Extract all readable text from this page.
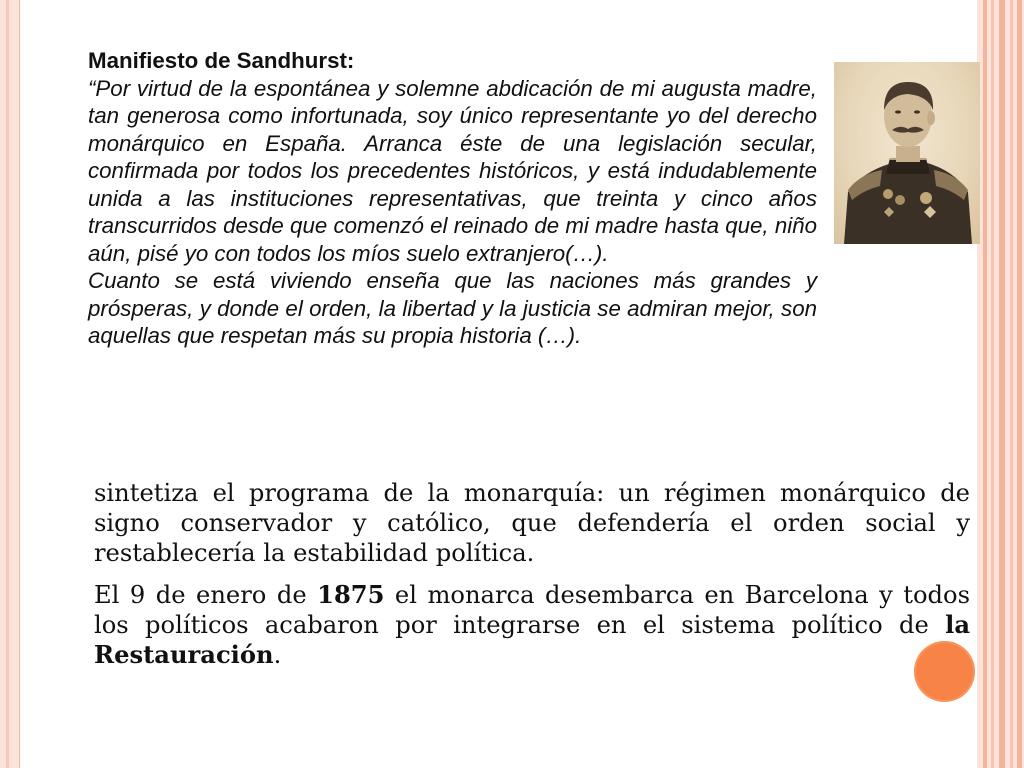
Manifiesto de Sandhurst:

“Por virtud de la espontánea y solemne abdicación de mi augusta madre, tan generosa como infortunada, soy único representante yo del derecho monárquico en España. Arranca éste de una legislación secular, confirmada por todos los precedentes históricos, y está indudablemente unida a las instituciones representativas, que treinta y cinco años transcurridos desde que comenzó el reinado de mi madre hasta que, niño aún, pisé yo con todos los míos suelo extranjero(…).

Cuanto se está viviendo enseña que las naciones más grandes y prósperas, y donde el orden, la libertad y la justicia se admiran mejor, son aquellas que respetan más su propia historia (…).

sintetiza el programa de la monarquía: un régimen monárquico de signo conservador y católico, que defendería el orden social y restablecería la estabilidad política.

El 9 de enero de 1875 el monarca desembarca en Barcelona y todos los políticos acabaron por integrarse en el sistema político de la Restauración.
